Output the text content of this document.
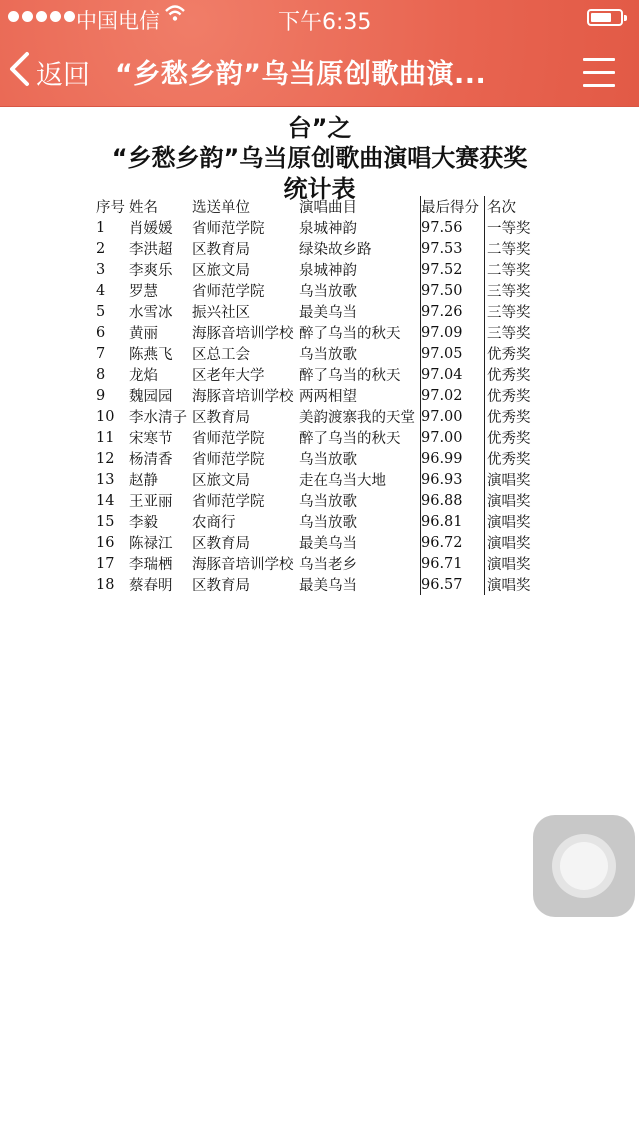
中国电信	下午6:35
返回 “乡愁乡韵”乌当原创歌曲演...
台”之
“乡愁乡韵”乌当原创歌曲演唱大赛获奖
统计表
序号	姓名	选送单位	演唱曲目	最后得分	名次
1	肖媛媛	省师范学院	泉城神韵	97.56	一等奖
2	李洪超	区教育局	绿染故乡路	97.53	二等奖
3	李爽乐	区旅文局	泉城神韵	97.52	二等奖
4	罗慧	省师范学院	乌当放歌	97.50	三等奖
5	水雪冰	振兴社区	最美乌当	97.26	三等奖
6	黄丽	海豚音培训学校	醉了乌当的秋天	97.09	三等奖
7	陈燕飞	区总工会	乌当放歌	97.05	优秀奖
8	龙焰	区老年大学	醉了乌当的秋天	97.04	优秀奖
9	魏园园	海豚音培训学校	两两相望	97.02	优秀奖
10	李水清子	区教育局	美韵渡寨我的天堂	97.00	优秀奖
11	宋寒节	省师范学院	醉了乌当的秋天	97.00	优秀奖
12	杨清香	省师范学院	乌当放歌	96.99	优秀奖
13	赵静	区旅文局	走在乌当大地	96.93	演唱奖
14	王亚丽	省师范学院	乌当放歌	96.88	演唱奖
15	李毅	农商行	乌当放歌	96.81	演唱奖
16	陈禄江	区教育局	最美乌当	96.72	演唱奖
17	李瑞栖	海豚音培训学校	乌当老乡	96.71	演唱奖
18	蔡春明	区教育局	最美乌当	96.57	演唱奖
